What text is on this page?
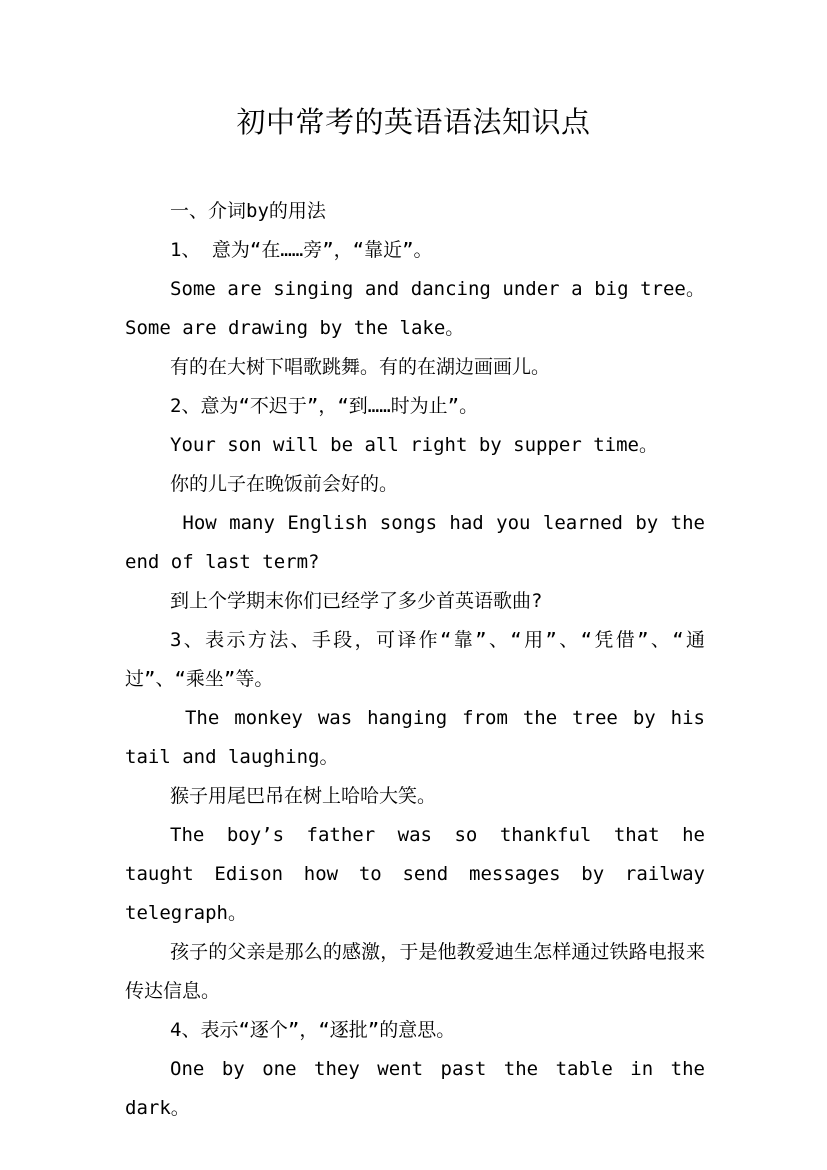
初中常考的英语语法知识点

一、介词by的用法

1、 意为“在……旁”，“靠近”。

Some are singing and dancing under a big tree。Some are drawing by the lake。

有的在大树下唱歌跳舞。有的在湖边画画儿。

2、意为“不迟于”，“到……时为止”。

Your son will be all right by supper time。

你的儿子在晚饭前会好的。

How many English songs had you learned by the end of last term?

到上个学期末你们已经学了多少首英语歌曲?

3、表示方法、手段，可译作“靠”、“用”、“凭借”、“通过”、“乘坐”等。

The monkey was hanging from the tree by his tail and laughing。

猴子用尾巴吊在树上哈哈大笑。

The boy’s father was so thankful that he taught Edison how to send messages by railway telegraph。

孩子的父亲是那么的感激，于是他教爱迪生怎样通过铁路电报来传达信息。

4、表示“逐个”，“逐批”的意思。

One by one they went past the table in the dark。
